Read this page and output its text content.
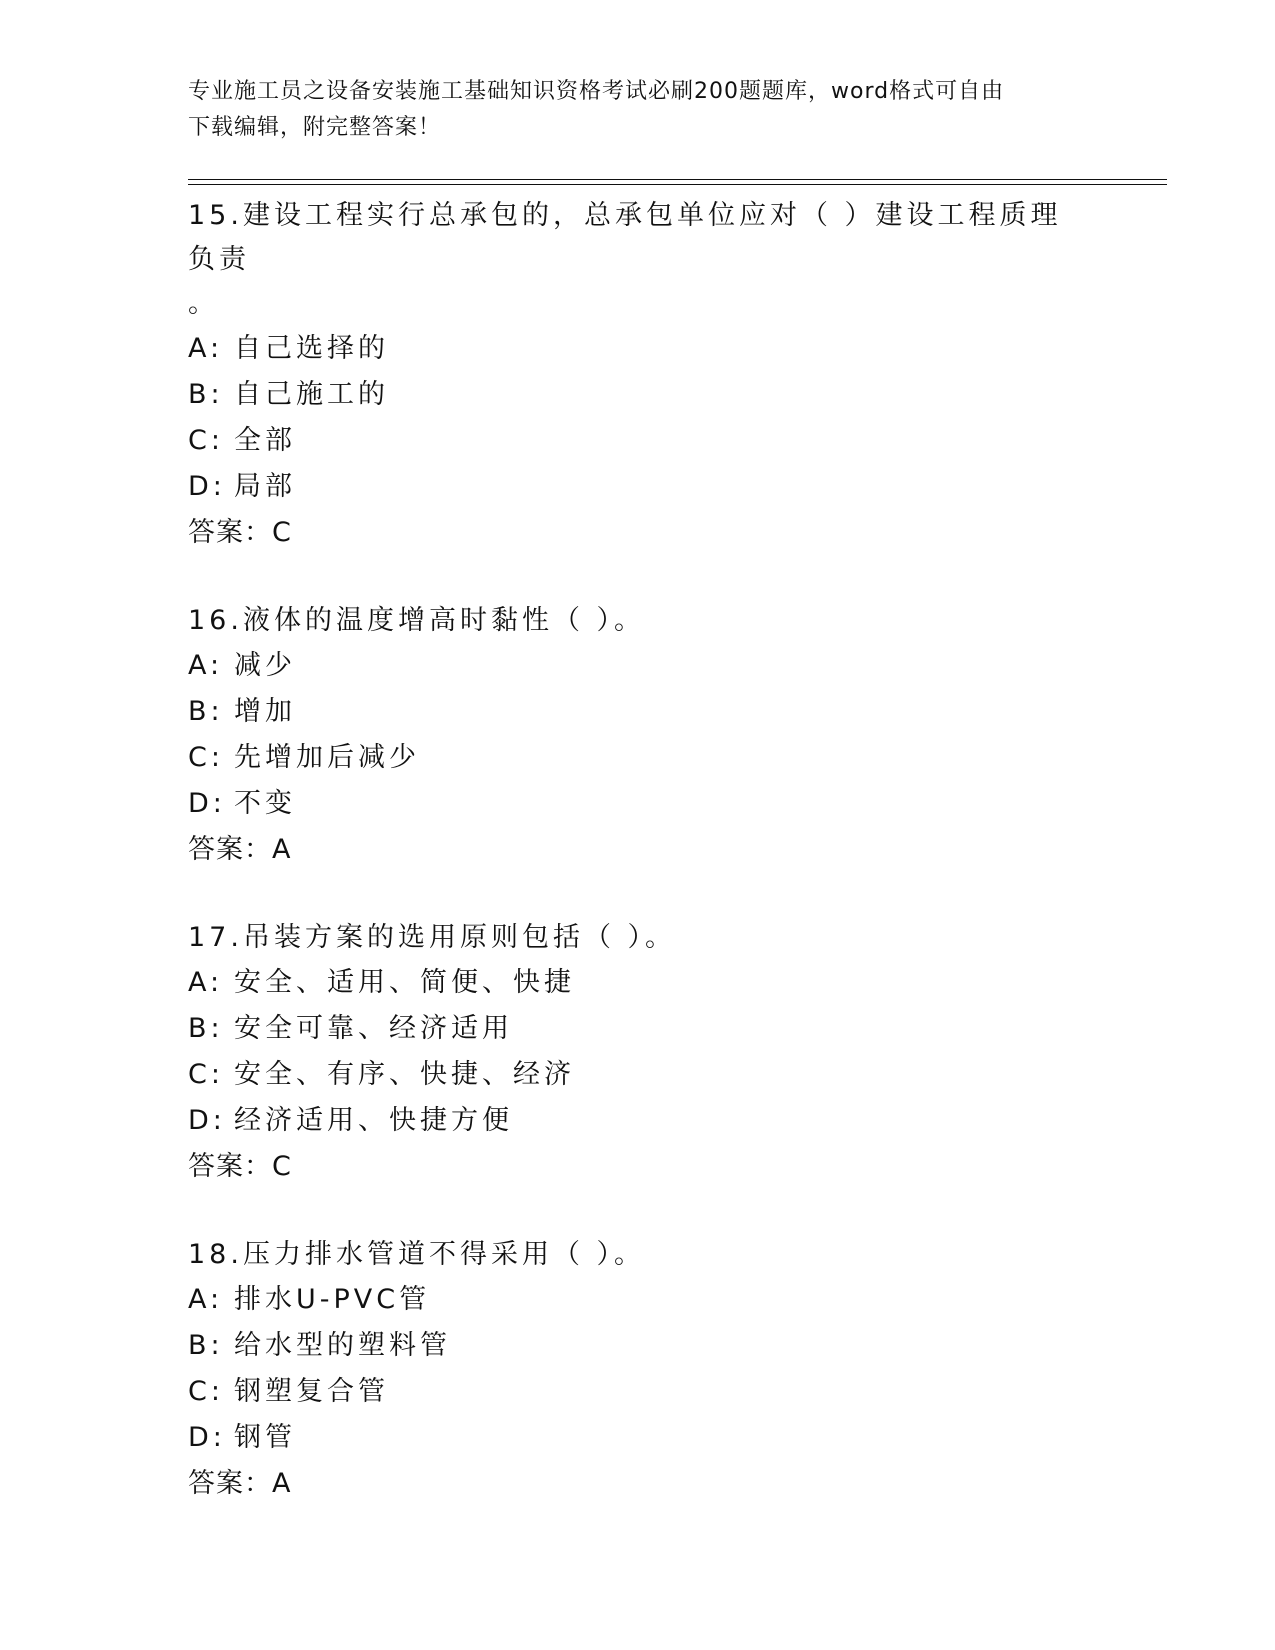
专业施工员之设备安装施工基础知识资格考试必刷200题题库，word格式可自由
下载编辑，附完整答案！
15.建设工程实行总承包的，总承包单位应对（ ）建设工程质理负责
。
A: 自己选择的
B: 自己施工的
C: 全部
D: 局部
答案：C
16.液体的温度增高时黏性（ ）。
A: 减少
B: 增加
C: 先增加后减少
D: 不变
答案：A
17.吊装方案的选用原则包括（ ）。
A: 安全、适用、简便、快捷
B: 安全可靠、经济适用
C: 安全、有序、快捷、经济
D: 经济适用、快捷方便
答案：C
18.压力排水管道不得采用（ ）。
A: 排水U-PVC管
B: 给水型的塑料管
C: 钢塑复合管
D: 钢管
答案：A
